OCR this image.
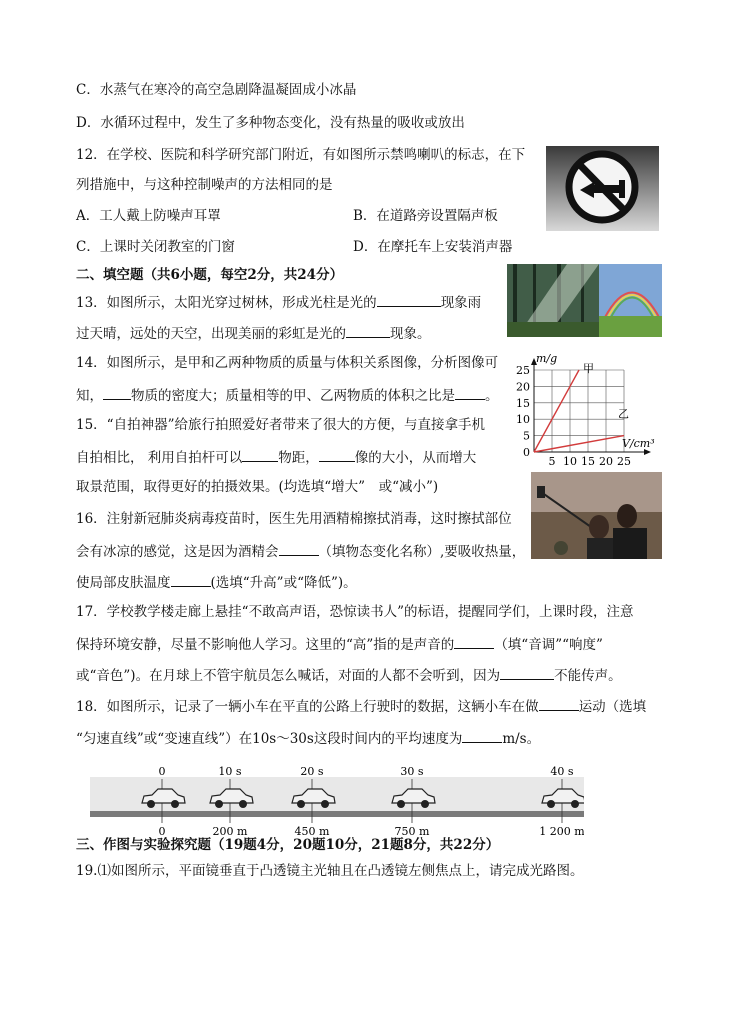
C．水蒸气在寒冷的高空急剧降温凝固成小冰晶
D．水循环过程中，发生了多种物态变化，没有热量的吸收或放出
12．在学校、医院和科学研究部门附近，有如图所示禁鸣喇叭的标志，在下
列措施中，与这种控制噪声的方法相同的是
A．工人戴上防噪声耳罩	B．在道路旁设置隔声板
C．上课时关闭教室的门窗	D．在摩托车上安装消声器
二、填空题（共6小题，每空2分，共24分）
13．如图所示，太阳光穿过树林，形成光柱是光的	现象雨
过天晴，远处的天空，出现美丽的彩虹是光的	现象。
14．如图所示，是甲和乙两种物质的质量与体积关系图像，分析图像可
知， 物质的密度大；质量相等的甲、乙两物质的体积之比是 。
15．“自拍神器”给旅行拍照爱好者带来了很大的方便，与直接拿手机
自拍相比， 利用自拍杆可以	物距，	像的大小，从而增大
取景范围，取得更好的拍摄效果。(均选填“增大”　或“减小”)
16．注射新冠肺炎病毒疫苗时，医生先用酒精棉擦拭消毒，这时擦拭部位
会有冰凉的感觉，这是因为酒精会	（填物态变化名称）,要吸收热量，
使局部皮肤温度	(选填“升高”或“降低”)。
17．学校教学楼走廊上悬挂“不敢高声语，恐惊读书人”的标语，提醒同学们，上课时段，注意
保持环境安静，尽量不影响他人学习。这里的“高”指的是声音的	（填“音调”“响度”
或“音色”)。在月球上不管宇航员怎么喊话，对面的人都不会听到，因为	不能传声。
18．如图所示，记录了一辆小车在平直的公路上行驶时的数据，这辆小车在做	运动（选填
“匀速直线”或“变速直线”）在10s～30s这段时间内的平均速度为	m/s。
三、作图与实验探究题（19题4分，20题10分，21题8分，共22分）
19.⑴如图所示，平面镜垂直于凸透镜主光轴且在凸透镜左侧焦点上，请完成光路图。
0
5
10
15
20
25
5 10 15 20 25
m/g
V/cm³
甲
乙
0
0
10 s
200 m
20 s
450 m
30 s
750 m
40 s
1 200 m
